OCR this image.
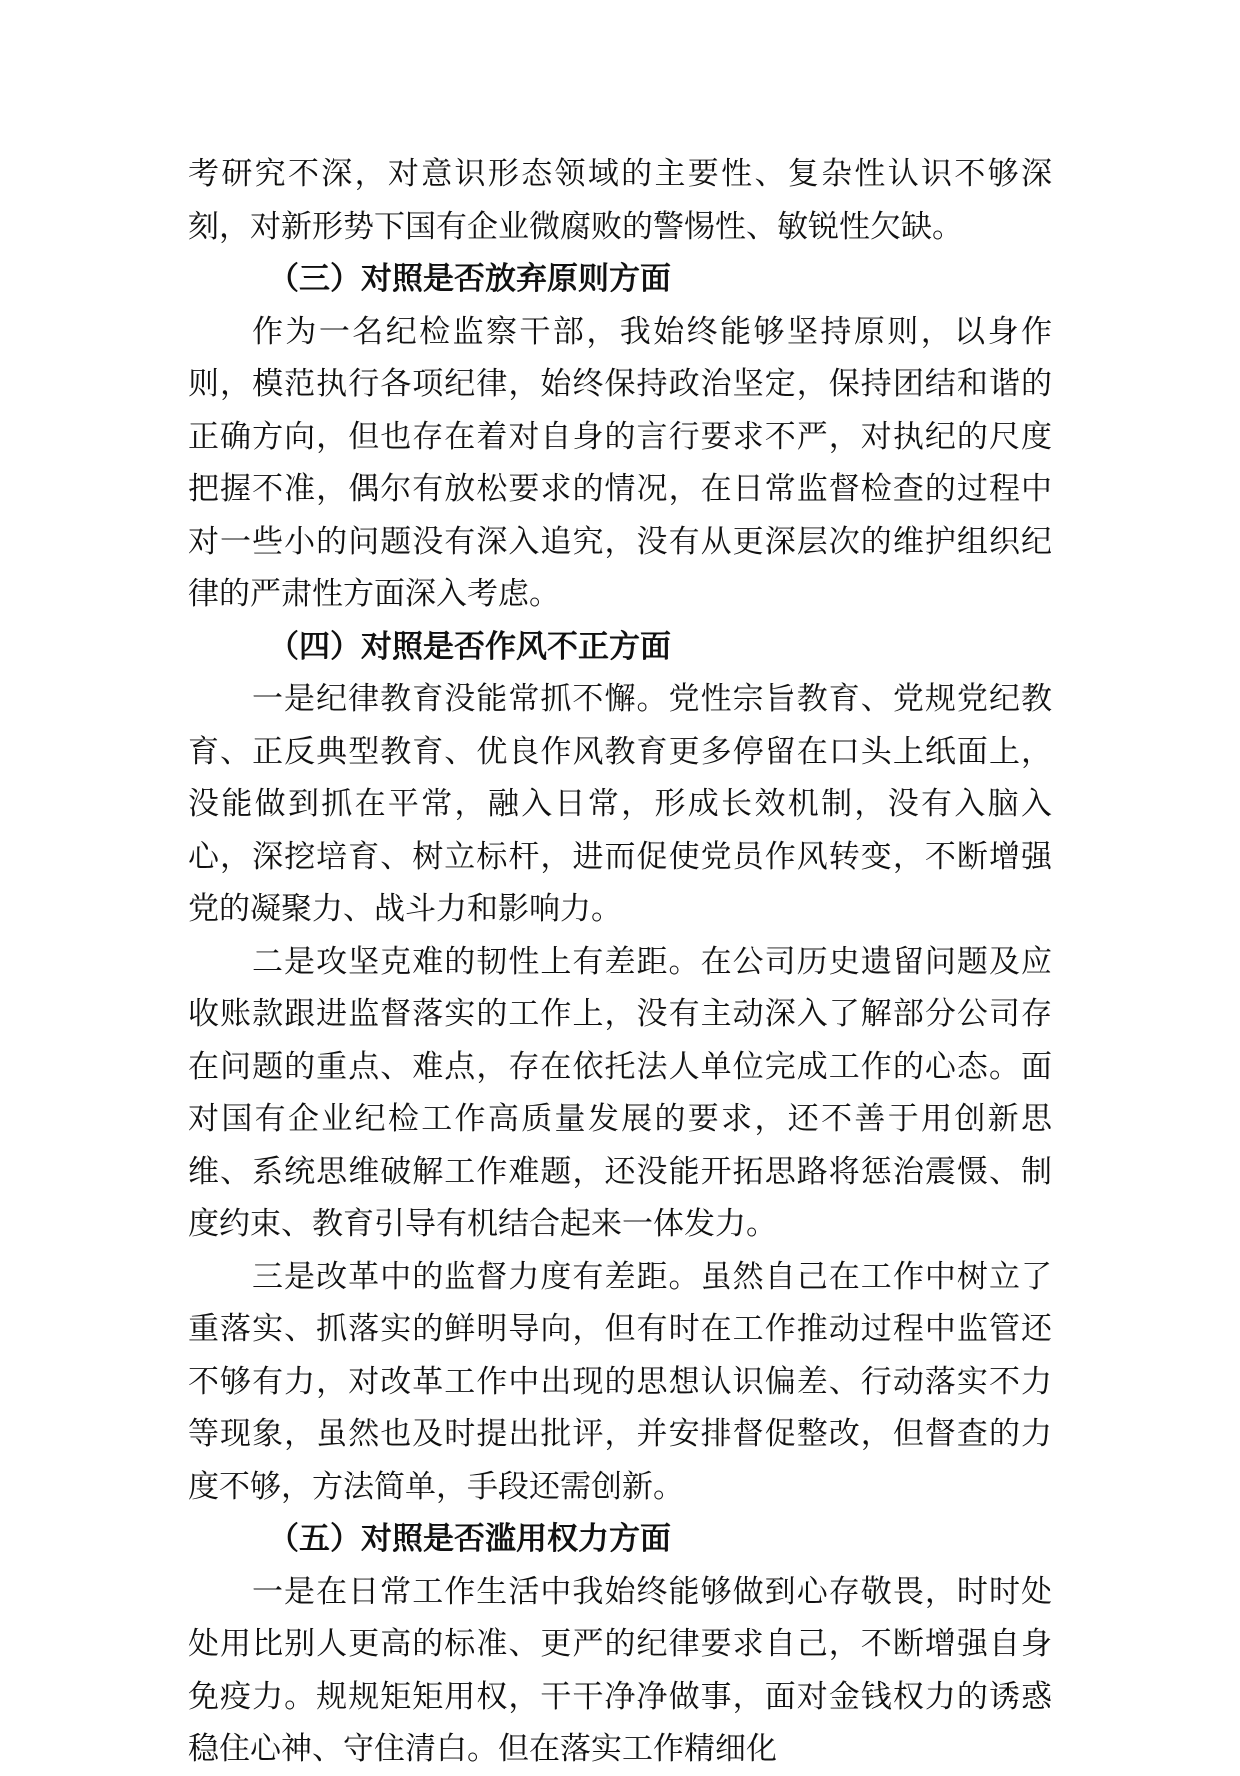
考研究不深，对意识形态领域的主要性、复杂性认识不够深刻，对新形势下国有企业微腐败的警惕性、敏锐性欠缺。

（三）对照是否放弃原则方面

作为一名纪检监察干部，我始终能够坚持原则，以身作则，模范执行各项纪律，始终保持政治坚定，保持团结和谐的正确方向，但也存在着对自身的言行要求不严，对执纪的尺度把握不准，偶尔有放松要求的情况，在日常监督检查的过程中对一些小的问题没有深入追究，没有从更深层次的维护组织纪律的严肃性方面深入考虑。

（四）对照是否作风不正方面

一是纪律教育没能常抓不懈。党性宗旨教育、党规党纪教育、正反典型教育、优良作风教育更多停留在口头上纸面上，没能做到抓在平常，融入日常，形成长效机制，没有入脑入心，深挖培育、树立标杆，进而促使党员作风转变，不断增强党的凝聚力、战斗力和影响力。

二是攻坚克难的韧性上有差距。在公司历史遗留问题及应收账款跟进监督落实的工作上，没有主动深入了解部分公司存在问题的重点、难点，存在依托法人单位完成工作的心态。面对国有企业纪检工作高质量发展的要求，还不善于用创新思维、系统思维破解工作难题，还没能开拓思路将惩治震慑、制度约束、教育引导有机结合起来一体发力。

三是改革中的监督力度有差距。虽然自己在工作中树立了重落实、抓落实的鲜明导向，但有时在工作推动过程中监管还不够有力，对改革工作中出现的思想认识偏差、行动落实不力等现象，虽然也及时提出批评，并安排督促整改，但督查的力度不够，方法简单，手段还需创新。

（五）对照是否滥用权力方面

一是在日常工作生活中我始终能够做到心存敬畏，时时处处用比别人更高的标准、更严的纪律要求自己，不断增强自身免疫力。规规矩矩用权，干干净净做事，面对金钱权力的诱惑稳住心神、守住清白。但在落实工作精细化
